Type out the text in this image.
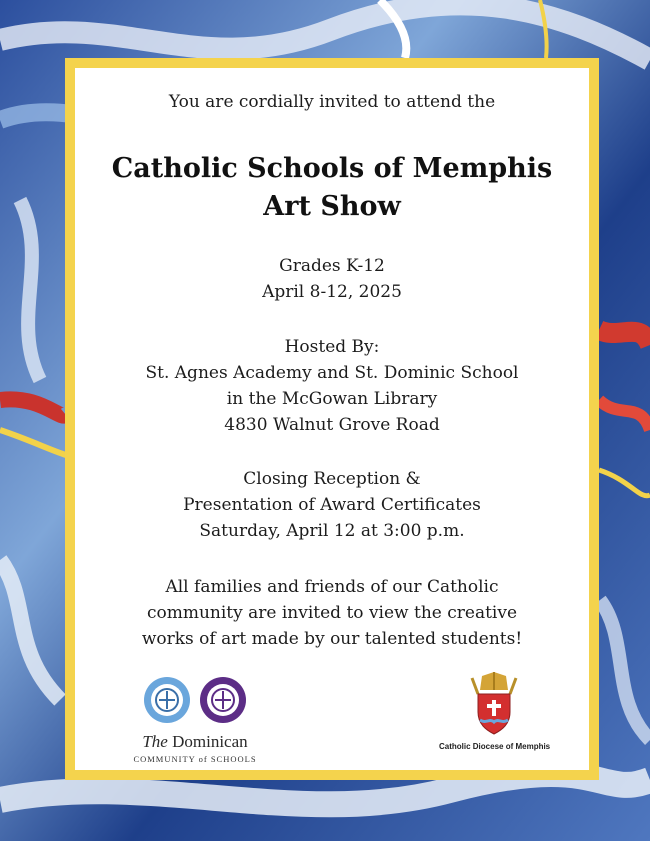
You are cordially invited to attend the
Catholic Schools of Memphis
Art Show
Grades K-12
April 8-12, 2025
Hosted By:
St. Agnes Academy and St. Dominic School
in the McGowan Library
4830 Walnut Grove Road
Closing Reception &
Presentation of Award Certificates
Saturday, April 12 at 3:00 p.m.
All families and friends of our Catholic
community are invited to view the creative
works of art made by our talented students!
The Dominican
COMMUNITY of SCHOOLS
Catholic Diocese of Memphis
